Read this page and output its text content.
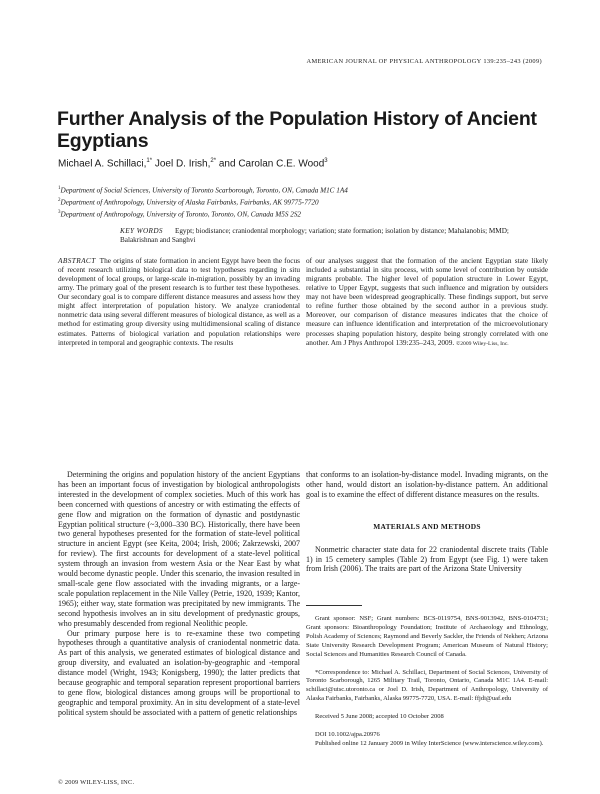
AMERICAN JOURNAL OF PHYSICAL ANTHROPOLOGY 139:235–243 (2009)
Further Analysis of the Population History of Ancient Egyptians
Michael A. Schillaci,$^{1*}$ Joel D. Irish,$^{2*}$ and Carolan C.E. Wood$^3$
$^1$Department of Social Sciences, University of Toronto Scarborough, Toronto, ON, Canada M1C 1A4
$^2$Department of Anthropology, University of Alaska Fairbanks, Fairbanks, AK 99775-7720
$^3$Department of Anthropology, University of Toronto, Toronto, ON, Canada M5S 2S2
KEY WORDS Egypt; biodistance; craniodental morphology; variation; state formation; isolation by distance; Mahalanobis; MMD; Balakrishnan and Sanghvi
ABSTRACT The origins of state formation in ancient Egypt have been the focus of recent research utilizing biological data to test hypotheses regarding in situ development of local groups, or large-scale in-migration, possibly by an invading army. The primary goal of the present research is to further test these hypotheses. Our secondary goal is to compare different distance measures and assess how they might affect interpretation of population history. We analyze craniodental nonmetric data using several different measures of biological distance, as well as a method for estimating group diversity using multidimensional scaling of distance estimates. Patterns of biological variation and population relationships were interpreted in temporal and geographic contexts. The results
of our analyses suggest that the formation of the ancient Egyptian state likely included a substantial in situ process, with some level of contribution by outside migrants probable. The higher level of population structure in Lower Egypt, relative to Upper Egypt, suggests that such influence and migration by outsiders may not have been widespread geographically. These findings support, but serve to refine further those obtained by the second author in a previous study. Moreover, our comparison of distance measures indicates that the choice of measure can influence identification and interpretation of the microevolutionary processes shaping population history, despite being strongly correlated with one another. Am J Phys Anthropol 139:235–243, 2009. ©2009 Wiley-Liss, Inc.

Determining the origins and population history of the ancient Egyptians has been an important focus of investigation by biological anthropologists interested in the development of complex societies. Much of this work has been concerned with questions of ancestry or with estimating the effects of gene flow and migration on the formation of dynastic and postdynastic Egyptian political structure (~3,000–330 BC). Historically, there have been two general hypotheses presented for the formation of state-level political structure in ancient Egypt (see Keita, 2004; Irish, 2006; Zakrzewski, 2007 for review). The first accounts for development of a state-level political system through an invasion from western Asia or the Near East by what would become dynastic people. Under this scenario, the invasion resulted in small-scale gene flow associated with the invading migrants, or a large-scale population replacement in the Nile Valley (Petrie, 1920, 1939; Kantor, 1965); either way, state formation was precipitated by new immigrants. The second hypothesis involves an in situ development of predynastic groups, who presumably descended from regional Neolithic people.

Our primary purpose here is to re-examine these two competing hypotheses through a quantitative analysis of craniodental nonmetric data. As part of this analysis, we generated estimates of biological distance and group diversity, and evaluated an isolation-by-geographic and -temporal distance model (Wright, 1943; Konigsberg, 1990); the latter predicts that because geographic and temporal separation represent proportional barriers to gene flow, biological distances among groups will be proportional to geographic and temporal proximity. An in situ development of a state-level political system should be associated with a pattern of genetic relationships

that conforms to an isolation-by-distance model. Invading migrants, on the other hand, would distort an isolation-by-distance pattern. An additional goal is to examine the effect of different distance measures on the results.

MATERIALS AND METHODS

Nonmetric character state data for 22 craniodental discrete traits (Table 1) in 15 cemetery samples (Table 2) from Egypt (see Fig. 1) were taken from Irish (2006). The traits are part of the Arizona State University

Grant sponsor: NSF; Grant numbers: BCS-0119754, BNS-9013942, BNS-0104731; Grant sponsors: Bioanthropology Foundation; Institute of Archaeology and Ethnology, Polish Academy of Sciences; Raymond and Beverly Sackler, the Friends of Nekhen; Arizona State University Research Development Program; American Museum of Natural History; Social Sciences and Humanities Research Council of Canada.

*Correspondence to: Michael A. Schillaci, Department of Social Sciences, University of Toronto Scarborough, 1265 Military Trail, Toronto, Ontario, Canada M1C 1A4. E-mail: schillaci@utsc.utoronto.ca or Joel D. Irish, Department of Anthropology, University of Alaska Fairbanks, Fairbanks, Alaska 99775-7720, USA. E-mail: ffjdi@uaf.edu

Received 5 June 2008; accepted 10 October 2008

DOI 10.1002/ajpa.20976
Published online 12 January 2009 in Wiley InterScience (www.interscience.wiley.com).
© 2009 WILEY-LISS, INC.
